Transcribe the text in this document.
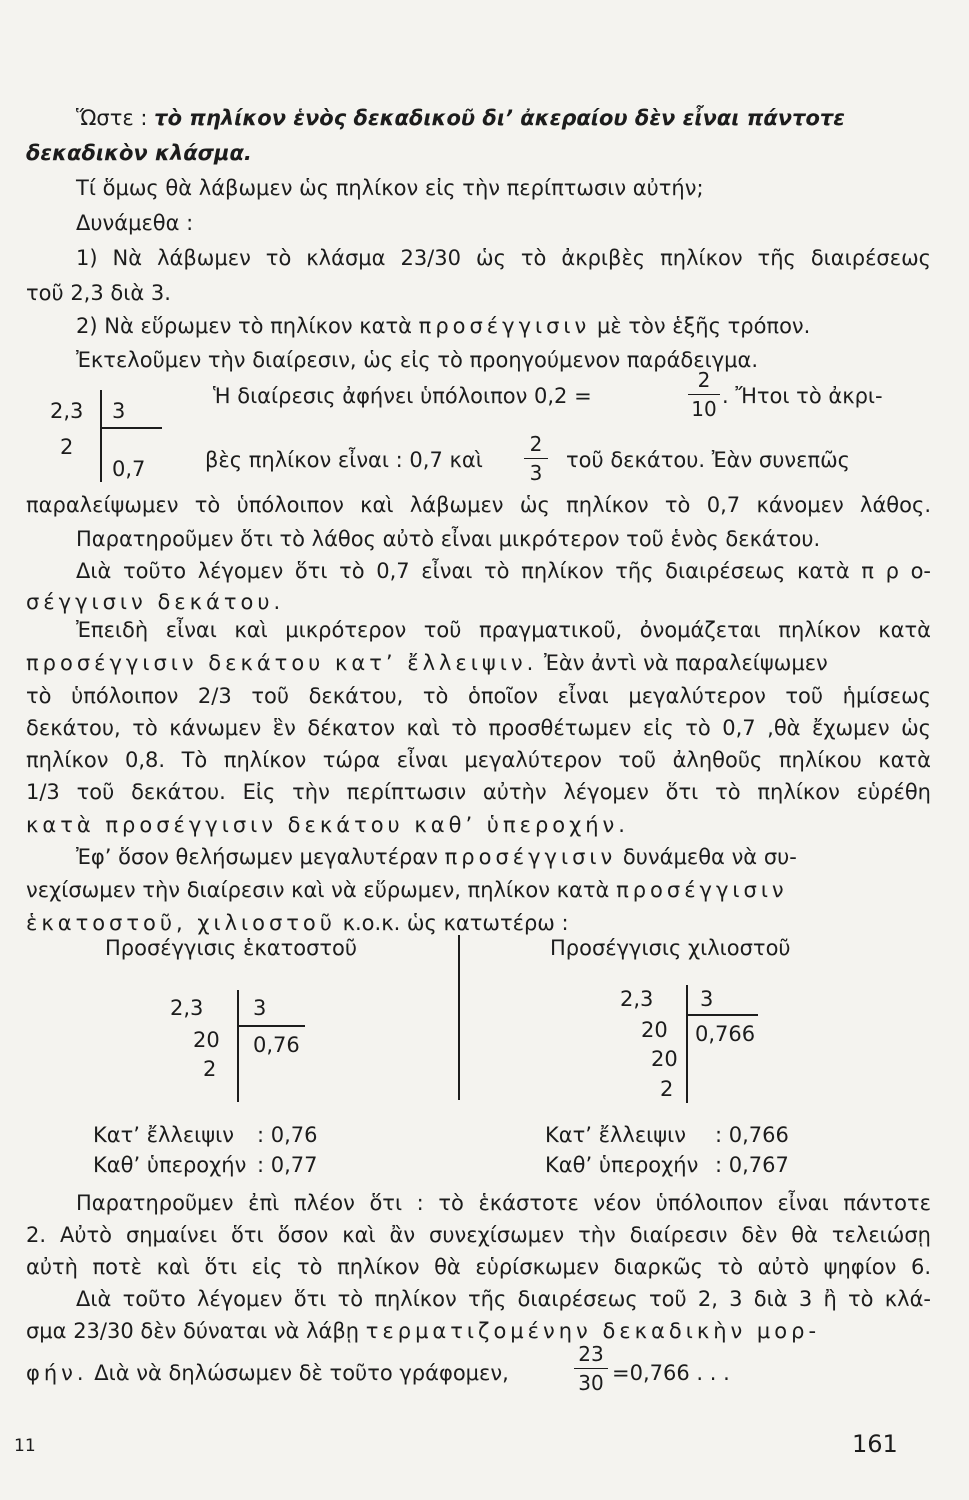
Ὥστε : τὸ πηλίκον ἑνὸς δεκαδικοῦ δι’ ἀκεραίου δὲν εἶναι πάντοτε
δεκαδικὸν κλάσμα.
Τί ὅμως θὰ λάβωμεν ὡς πηλίκον εἰς τὴν περίπτωσιν αὐτήν;
Δυνάμεθα :
1) Νὰ λάβωμεν τὸ κλάσμα 23/30 ὡς τὸ ἀκριβὲς πηλίκον τῆς διαιρέσεως
τοῦ 2,3 διὰ 3.
2) Νὰ εὕρωμεν τὸ πηλίκον κατὰ προσέγγισιν μὲ τὸν ἑξῆς τρόπον.
Ἐκτελοῦμεν τὴν διαίρεσιν, ὡς εἰς τὸ προηγούμενον παράδειγμα.
2,3 3
2
0,7
Ἡ διαίρεσις ἀφήνει ὑπόλοιπον 0,2 =
2
10
. Ἤτοι τὸ ἀκρι-
βὲς πηλίκον εἶναι : 0,7 καὶ
2
3
τοῦ δεκάτου. Ἐὰν συνεπῶς
παραλείψωμεν τὸ ὑπόλοιπον καὶ λάβωμεν ὡς πηλίκον τὸ 0,7 κάνομεν λάθος.
Παρατηροῦμεν ὅτι τὸ λάθος αὐτὸ εἶναι μικρότερον τοῦ ἑνὸς δεκάτου.
Διὰ τοῦτο λέγομεν ὅτι τὸ 0,7 εἶναι τὸ πηλίκον τῆς διαιρέσεως κατὰ π ρ ο-
σέγγισιν δεκάτου.
Ἐπειδὴ εἶναι καὶ μικρότερον τοῦ πραγματικοῦ, ὀνομάζεται πηλίκον κατὰ
προσέγγισιν δεκάτου κατ’ ἔλλειψιν. Ἐὰν ἀντὶ νὰ παραλείψωμεν
τὸ ὑπόλοιπον 2/3 τοῦ δεκάτου, τὸ ὁποῖον εἶναι μεγαλύτερον τοῦ ἡμίσεως
δεκάτου, τὸ κάνωμεν ἓν δέκατον καὶ τὸ προσθέτωμεν εἰς τὸ 0,7 ,θὰ ἔχωμεν ὡς
πηλίκον 0,8. Τὸ πηλίκον τώρα εἶναι μεγαλύτερον τοῦ ἀληθοῦς πηλίκου κατὰ
1/3 τοῦ δεκάτου. Εἰς τὴν περίπτωσιν αὐτὴν λέγομεν ὅτι τὸ πηλίκον εὑρέθη
κατὰ προσέγγισιν δεκάτου καθ’ ὑπεροχήν.
Ἐφ’ ὅσον θελήσωμεν μεγαλυτέραν προσέγγισιν δυνάμεθα νὰ συ-
νεχίσωμεν τὴν διαίρεσιν καὶ νὰ εὕρωμεν, πηλίκον κατὰ προσέγγισιν
ἑκατοστοῦ, χιλιοστοῦ κ.ο.κ. ὡς κατωτέρω :
Προσέγγισις ἑκατοστοῦ
2,3
20
2
3
0,76
Κατ’ ἔλλειψιν : 0,76
Καθ’ ὑπεροχήν : 0,77
Προσέγγισις χιλιοστοῦ
2,3
20
20
2
3
0,766
Κατ’ ἔλλειψιν : 0,766
Καθ’ ὑπεροχήν : 0,767
Παρατηροῦμεν ἐπὶ πλέον ὅτι : τὸ ἑκάστοτε νέον ὑπόλοιπον εἶναι πάντοτε
2. Αὐτὸ σημαίνει ὅτι ὅσον καὶ ἂν συνεχίσωμεν τὴν διαίρεσιν δὲν θὰ τελειώσῃ
αὐτὴ ποτὲ καὶ ὅτι εἰς τὸ πηλίκον θὰ εὑρίσκωμεν διαρκῶς τὸ αὐτὸ ψηφίον 6.
Διὰ τοῦτο λέγομεν ὅτι τὸ πηλίκον τῆς διαιρέσεως τοῦ 2, 3 διὰ 3 ἢ τὸ κλά-
σμα 23/30 δὲν δύναται νὰ λάβῃ τερματιζομένην δεκαδικὴν μορ-
φήν. Διὰ νὰ δηλώσωμεν δὲ τοῦτο γράφομεν,
23
30 =0,766 . . .
11	161
